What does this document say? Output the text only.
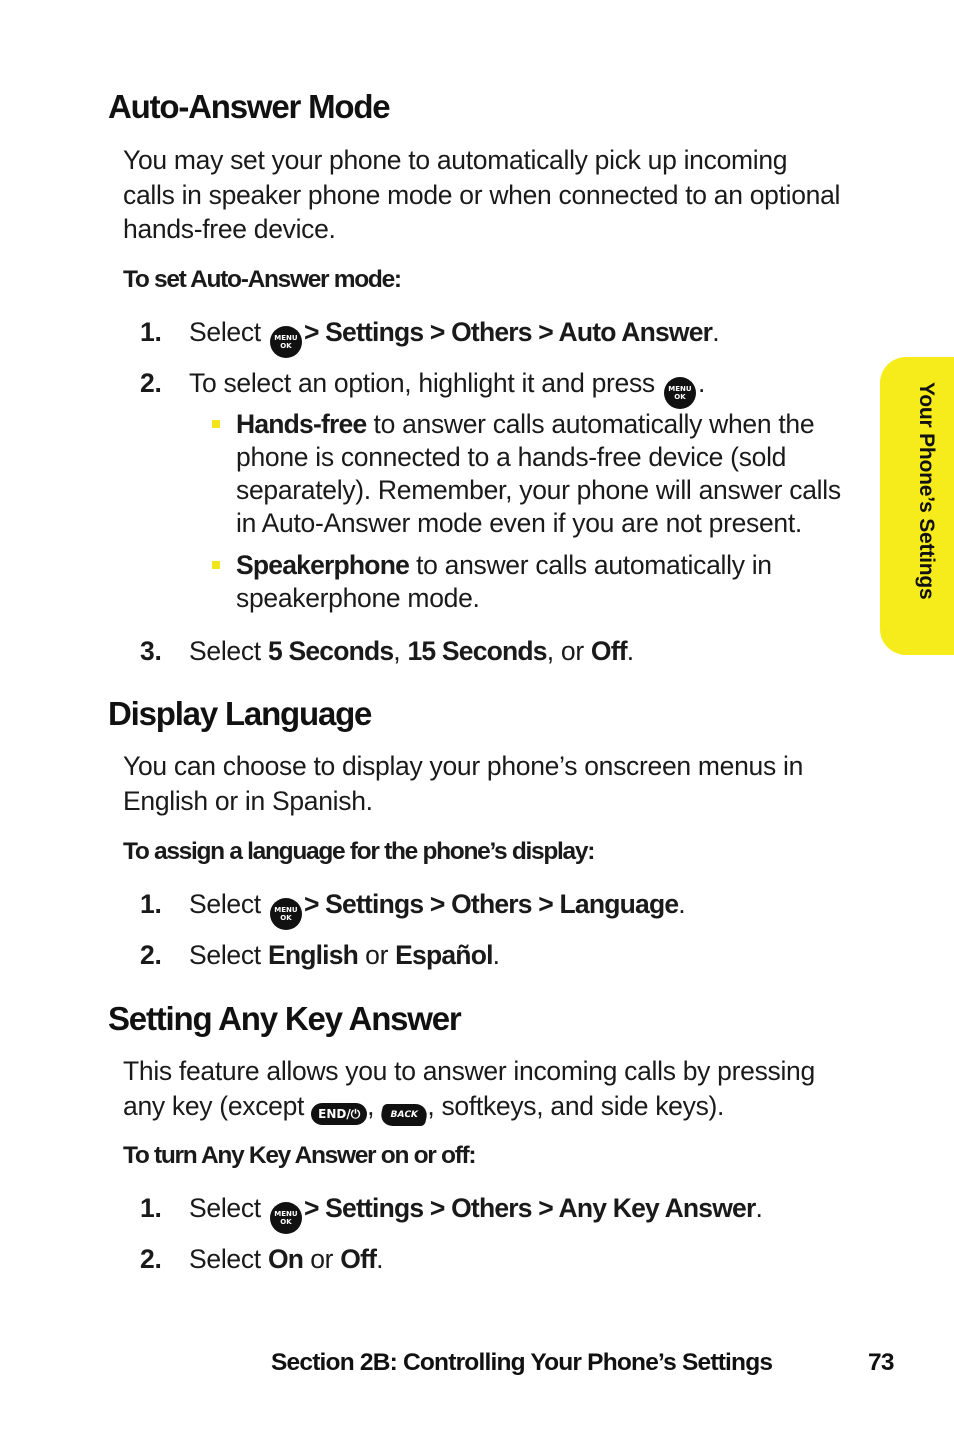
Your Phone’s Settings
Auto-Answer Mode

You may set your phone to automatically pick up incoming calls in speaker phone mode or when connected to an optional hands-free device.

To set Auto-Answer mode:

1. Select	MENU
OK > Settings > Others > Auto Answer.
2. To select an option, highlight it and press	MENU
OK .
Hands-free to answer calls automatically when the phone is connected to a hands-free device (sold separately). Remember, your phone will answer calls in Auto-Answer mode even if you are not present.
Speakerphone to answer calls automatically in speakerphone mode.
3. Select 5 Seconds, 15 Seconds, or Off.
Display Language

You can choose to display your phone’s onscreen menus in English or in Spanish.

To assign a language for the phone’s display:

1. Select	MENU
OK > Settings > Others > Language.
2. Select English or Español.
Setting Any Key Answer

This feature allows you to answer incoming calls by pressing
any key (except END/⏻ , BACK , softkeys, and side keys).

To turn Any Key Answer on or off:

1. Select	MENU
OK > Settings > Others > Any Key Answer.
2. Select On or Off.
Section 2B: Controlling Your Phone’s Settings	73
